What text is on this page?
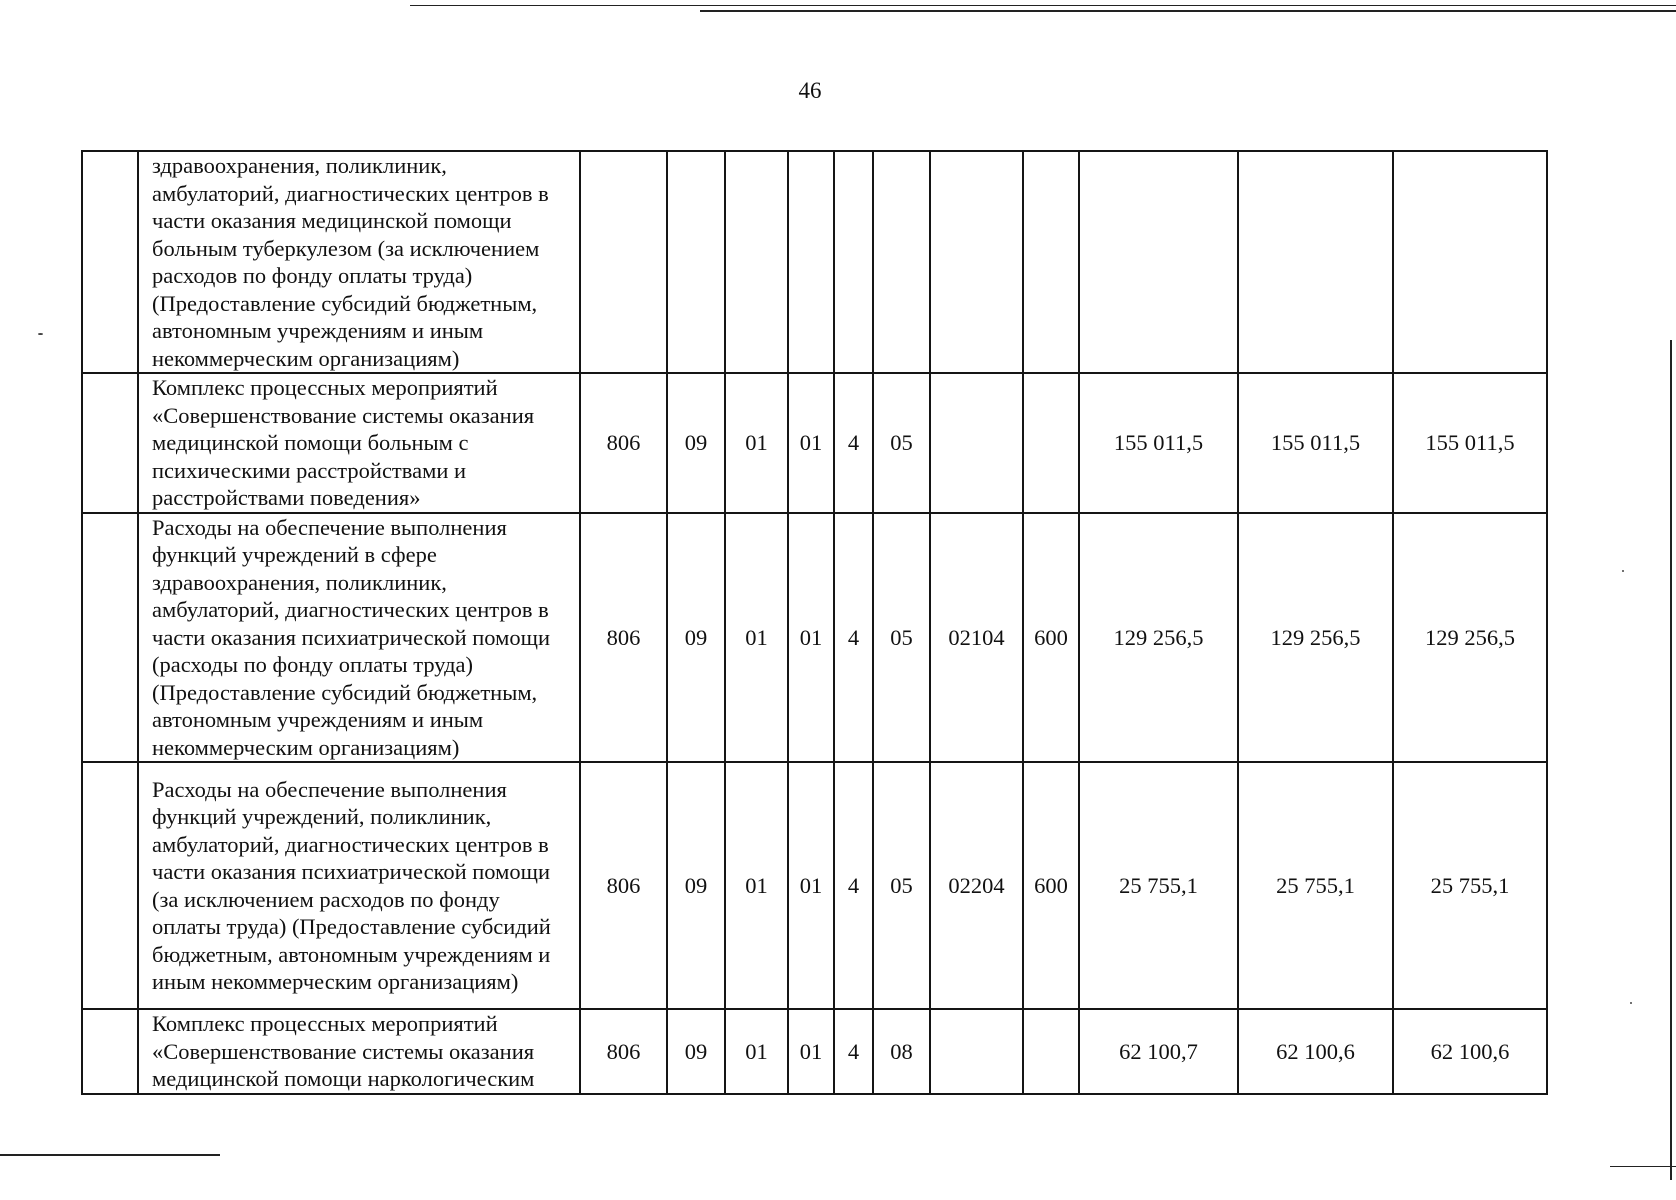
46
	здравоохранения, поликлиник, амбулаторий, диагностических центров в части оказания медицинской помощи больным туберкулезом (за исключением расходов по фонду оплаты труда) (Предоставление субсидий бюджетным, автономным учреждениям и иным некоммерческим организациям)											
	Комплекс процессных мероприятий «Совершенствование системы оказания медицинской помощи больным с психическими расстройствами и расстройствами поведения»	806	09	01	01	4	05			155 011,5	155 011,5	155 011,5
	Расходы на обеспечение выполнения функций учреждений в сфере здравоохранения, поликлиник, амбулаторий, диагностических центров в части оказания психиатрической помощи (расходы по фонду оплаты труда) (Предоставление субсидий бюджетным, автономным учреждениям и иным некоммерческим организациям)	806	09	01	01	4	05	02104	600	129 256,5	129 256,5	129 256,5
	Расходы на обеспечение выполнения функций учреждений, поликлиник, амбулаторий, диагностических центров в части оказания психиатрической помощи (за исключением расходов по фонду оплаты труда) (Предоставление субсидий бюджетным, автономным учреждениям и иным некоммерческим организациям)	806	09	01	01	4	05	02204	600	25 755,1	25 755,1	25 755,1
	Комплекс процессных мероприятий «Совершенствование системы оказания медицинской помощи наркологическим	806	09	01	01	4	08			62 100,7	62 100,6	62 100,6
